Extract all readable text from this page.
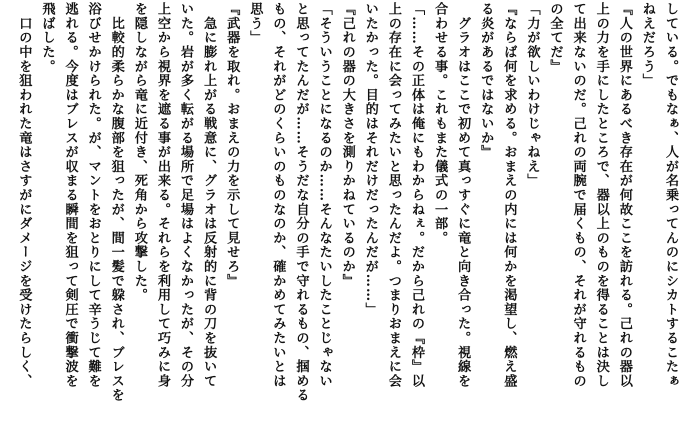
している。でもなぁ、人が名乗ってんのにシカトするこたぁ
ねえだろう」
『人の世界にあるべき存在が何故ここを訪れる。己れの器以
上の力を手にしたところで、器以上のものを得ることは決し
て出来ないのだ。己れの両腕で届くもの、それが守れるもの
の全てだ』
「力が欲しいわけじゃねえ」
『ならば何を求める。おまえの内には何かを渇望し、燃え盛
る炎があるではないか』
　グラオはここで初めて真っすぐに竜と向き合った。視線を
合わせる事。これもまた儀式の一部。
「……その正体は俺にもわからねぇ。だから己れの『枠』以
上の存在に会ってみたいと思ったんだよ。つまりおまえに会
いたかった。目的はそれだけだったんだが……」
『己れの器の大きさを測りかねているのか』
「そういうことになるのか……そんなたいしたことじゃない
と思ってたんだが……そうだな自分の手で守れるもの、掴める
もの、それがどのくらいのものなのか、確かめてみたいとは
思う」
『武器を取れ。おまえの力を示して見せろ』
　急に膨れ上がる戦意に、グラオは反射的に背の刀を抜いて
いた。岩が多く転がる場所で足場はよくなかったが、その分
上空から視界を遮る事が出来る。それらを利用して巧みに身
を隠しながら竜に近付き、死角から攻撃した。
　比較的柔らかな腹部を狙ったが、間一髪で躱され、ブレスを
浴びせかけられた。が、マントをおとりにして辛うじて難を
逃れる。今度はブレスが収まる瞬間を狙って剣圧で衝撃波を
飛ばした。
　口の中を狙われた竜はさすがにダメージを受けたらしく、
